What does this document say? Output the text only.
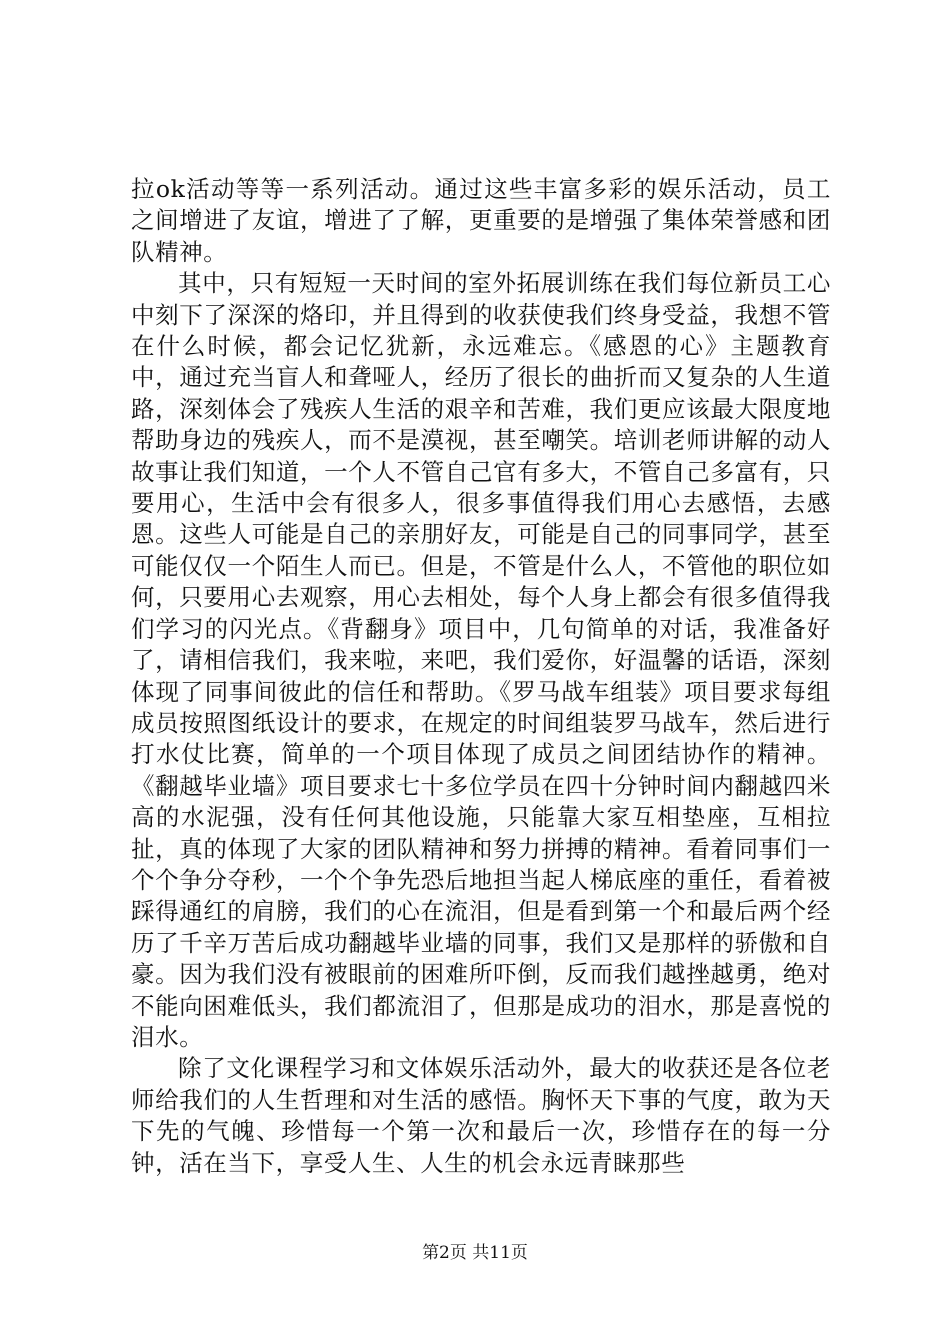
拉ok活动等等一系列活动。通过这些丰富多彩的娱乐活动，员工之间增进了友谊，增进了了解，更重要的是增强了集体荣誉感和团队精神。

其中，只有短短一天时间的室外拓展训练在我们每位新员工心中刻下了深深的烙印，并且得到的收获使我们终身受益，我想不管在什么时候，都会记忆犹新，永远难忘。《感恩的心》主题教育中，通过充当盲人和聋哑人，经历了很长的曲折而又复杂的人生道路，深刻体会了残疾人生活的艰辛和苦难，我们更应该最大限度地帮助身边的残疾人，而不是漠视，甚至嘲笑。培训老师讲解的动人故事让我们知道，一个人不管自己官有多大，不管自己多富有，只要用心，生活中会有很多人，很多事值得我们用心去感悟，去感恩。这些人可能是自己的亲朋好友，可能是自己的同事同学，甚至可能仅仅一个陌生人而已。但是，不管是什么人，不管他的职位如何，只要用心去观察，用心去相处，每个人身上都会有很多值得我们学习的闪光点。《背翻身》项目中，几句简单的对话，我准备好了，请相信我们，我来啦，来吧，我们爱你，好温馨的话语，深刻体现了同事间彼此的信任和帮助。《罗马战车组装》项目要求每组成员按照图纸设计的要求，在规定的时间组装罗马战车，然后进行打水仗比赛，简单的一个项目体现了成员之间团结协作的精神。《翻越毕业墙》项目要求七十多位学员在四十分钟时间内翻越四米高的水泥强，没有任何其他设施，只能靠大家互相垫座，互相拉扯，真的体现了大家的团队精神和努力拼搏的精神。看着同事们一个个争分夺秒，一个个争先恐后地担当起人梯底座的重任，看着被踩得通红的肩膀，我们的心在流泪，但是看到第一个和最后两个经历了千辛万苦后成功翻越毕业墙的同事，我们又是那样的骄傲和自豪。因为我们没有被眼前的困难所吓倒，反而我们越挫越勇，绝对不能向困难低头，我们都流泪了，但那是成功的泪水，那是喜悦的泪水。

除了文化课程学习和文体娱乐活动外，最大的收获还是各位老师给我们的人生哲理和对生活的感悟。胸怀天下事的气度，敢为天下先的气魄、珍惜每一个第一次和最后一次，珍惜存在的每一分钟，活在当下，享受人生、人生的机会永远青睐那些

第2页 共11页
